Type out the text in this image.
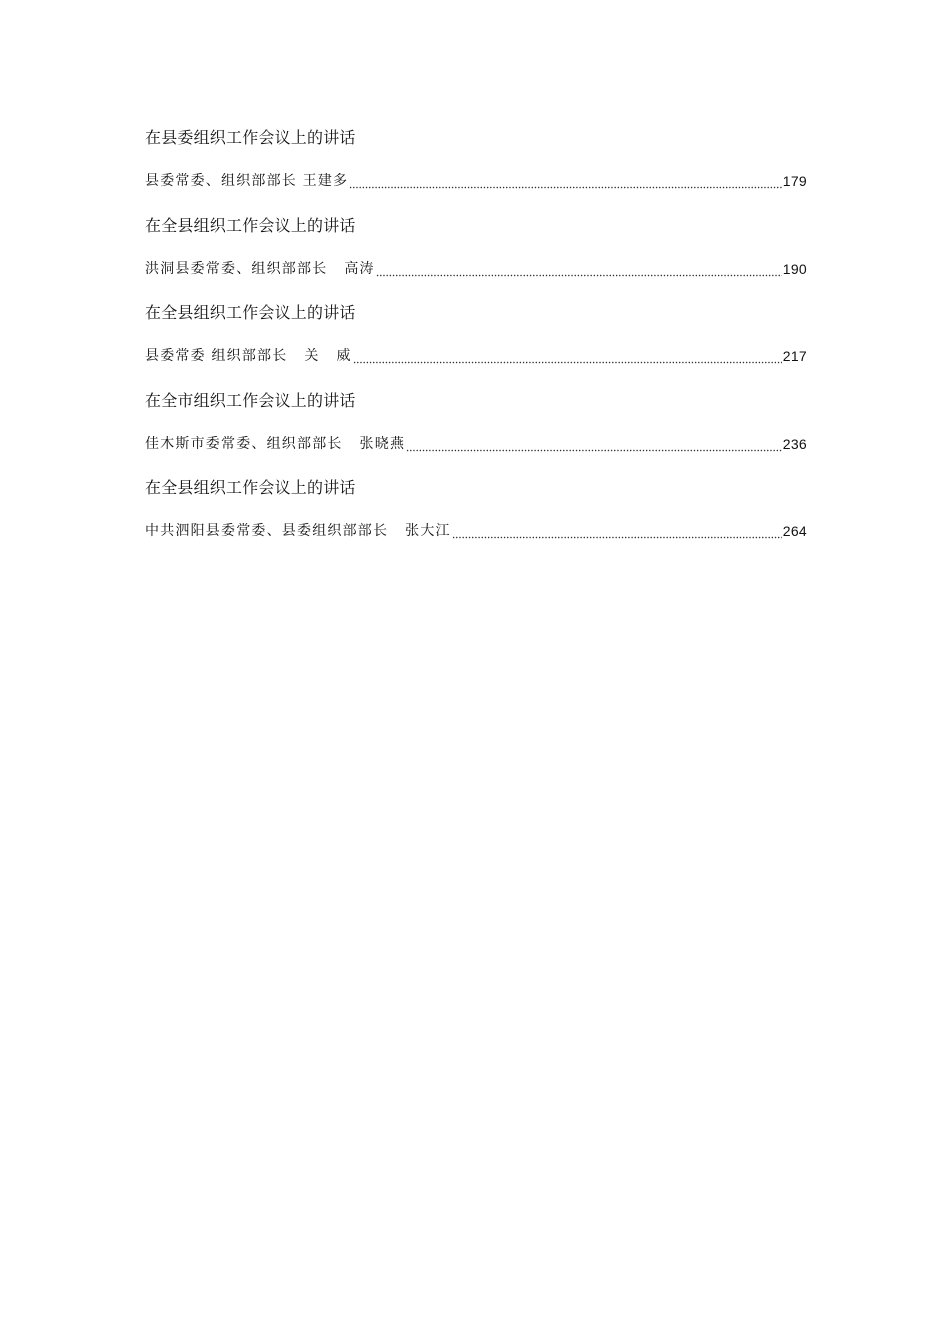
在县委组织工作会议上的讲话
县委常委、组织部部长 王建多	179
在全县组织工作会议上的讲话
洪洞县委常委、组织部部长   高涛	190
在全县组织工作会议上的讲话
县委常委 组织部部长   关   威	217
在全市组织工作会议上的讲话
佳木斯市委常委、组织部部长   张晓燕	236
在全县组织工作会议上的讲话
中共泗阳县委常委、县委组织部部长   张大江	264
